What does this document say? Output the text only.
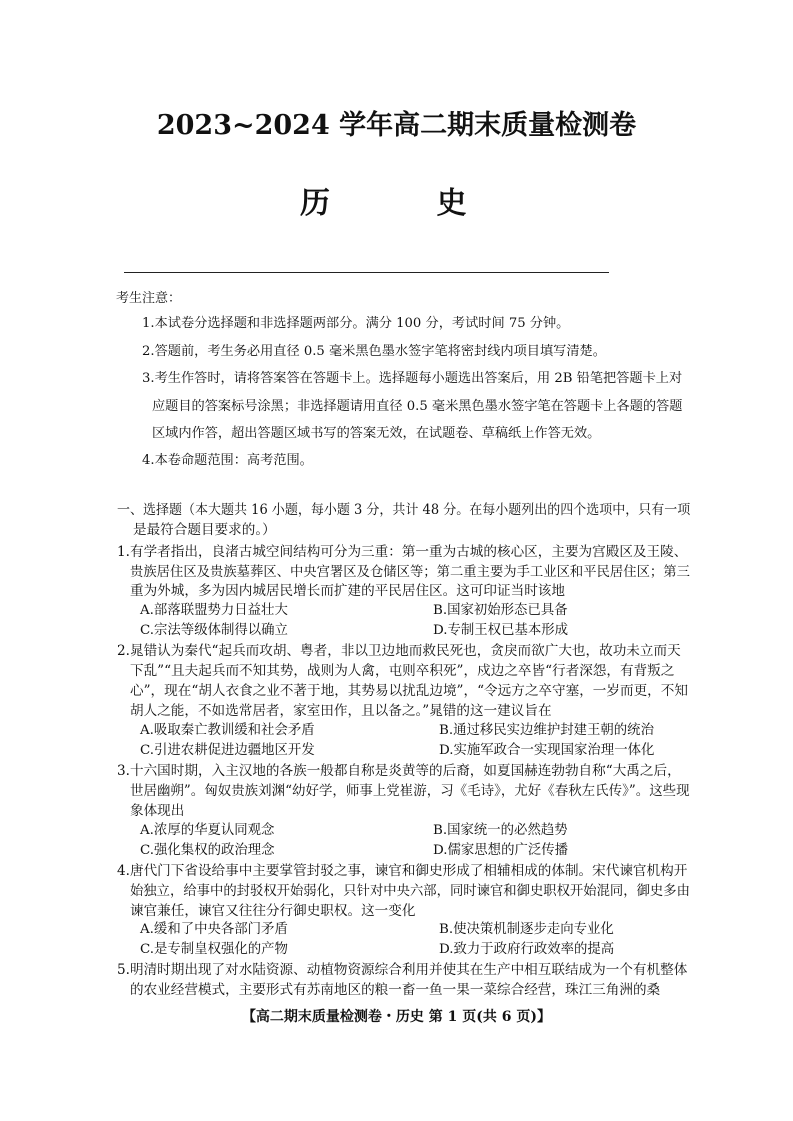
2023~2024 学年高二期末质量检测卷
历 史
考生注意：
1.本试卷分选择题和非选择题两部分。满分 100 分，考试时间 75 分钟。
2.答题前，考生务必用直径 0.5 毫米黑色墨水签字笔将密封线内项目填写清楚。
3.考生作答时，请将答案答在答题卡上。选择题每小题选出答案后，用 2B 铅笔把答题卡上对
应题目的答案标号涂黑；非选择题请用直径 0.5 毫米黑色墨水签字笔在答题卡上各题的答题
区域内作答，超出答题区域书写的答案无效，在试题卷、草稿纸上作答无效。
4.本卷命题范围：高考范围。
一、选择题（本大题共 16 小题，每小题 3 分，共计 48 分。在每小题列出的四个选项中，只有一项
是最符合题目要求的。）
1.有学者指出，良渚古城空间结构可分为三重：第一重为古城的核心区，主要为宫殿区及王陵、
贵族居住区及贵族墓葬区、中央宫署区及仓储区等；第二重主要为手工业区和平民居住区；第三
重为外城，多为因内城居民增长而扩建的平民居住区。这可印证当时该地
A.部落联盟势力日益壮大	B.国家初始形态已具备
C.宗法等级体制得以确立	D.专制王权已基本形成
2.晁错认为秦代“起兵而攻胡、粤者，非以卫边地而救民死也，贪戾而欲广大也，故功未立而天
下乱”“且夫起兵而不知其势，战则为人禽，屯则卒积死”，戍边之卒皆“行者深怨，有背叛之
心”，现在“胡人衣食之业不著于地，其势易以扰乱边境”，“令远方之卒守塞，一岁而更，不知
胡人之能，不如选常居者，家室田作，且以备之。”晁错的这一建议旨在
A.吸取秦亡教训缓和社会矛盾	B.通过移民实边维护封建王朝的统治
C.引进农耕促进边疆地区开发	D.实施军政合一实现国家治理一体化
3.十六国时期，入主汉地的各族一般都自称是炎黄等的后裔，如夏国赫连勃勃自称“大禹之后，
世居幽朔”。匈奴贵族刘渊“幼好学，师事上党崔游，习《毛诗》，尤好《春秋左氏传》”。这些现
象体现出
A.浓厚的华夏认同观念	B.国家统一的必然趋势
C.强化集权的政治理念	D.儒家思想的广泛传播
4.唐代门下省设给事中主要掌管封驳之事，谏官和御史形成了相辅相成的体制。宋代谏官机构开
始独立，给事中的封驳权开始弱化，只针对中央六部，同时谏官和御史职权开始混同，御史多由
谏官兼任，谏官又往往分行御史职权。这一变化
A.缓和了中央各部门矛盾	B.使决策机制逐步走向专业化
C.是专制皇权强化的产物	D.致力于政府行政效率的提高
5.明清时期出现了对水陆资源、动植物资源综合利用并使其在生产中相互联结成为一个有机整体
的农业经营模式，主要形式有苏南地区的粮一畜一鱼一果一菜综合经营，珠江三角洲的桑
【高二期末质量检测卷・历史 第 1 页(共 6 页)】
